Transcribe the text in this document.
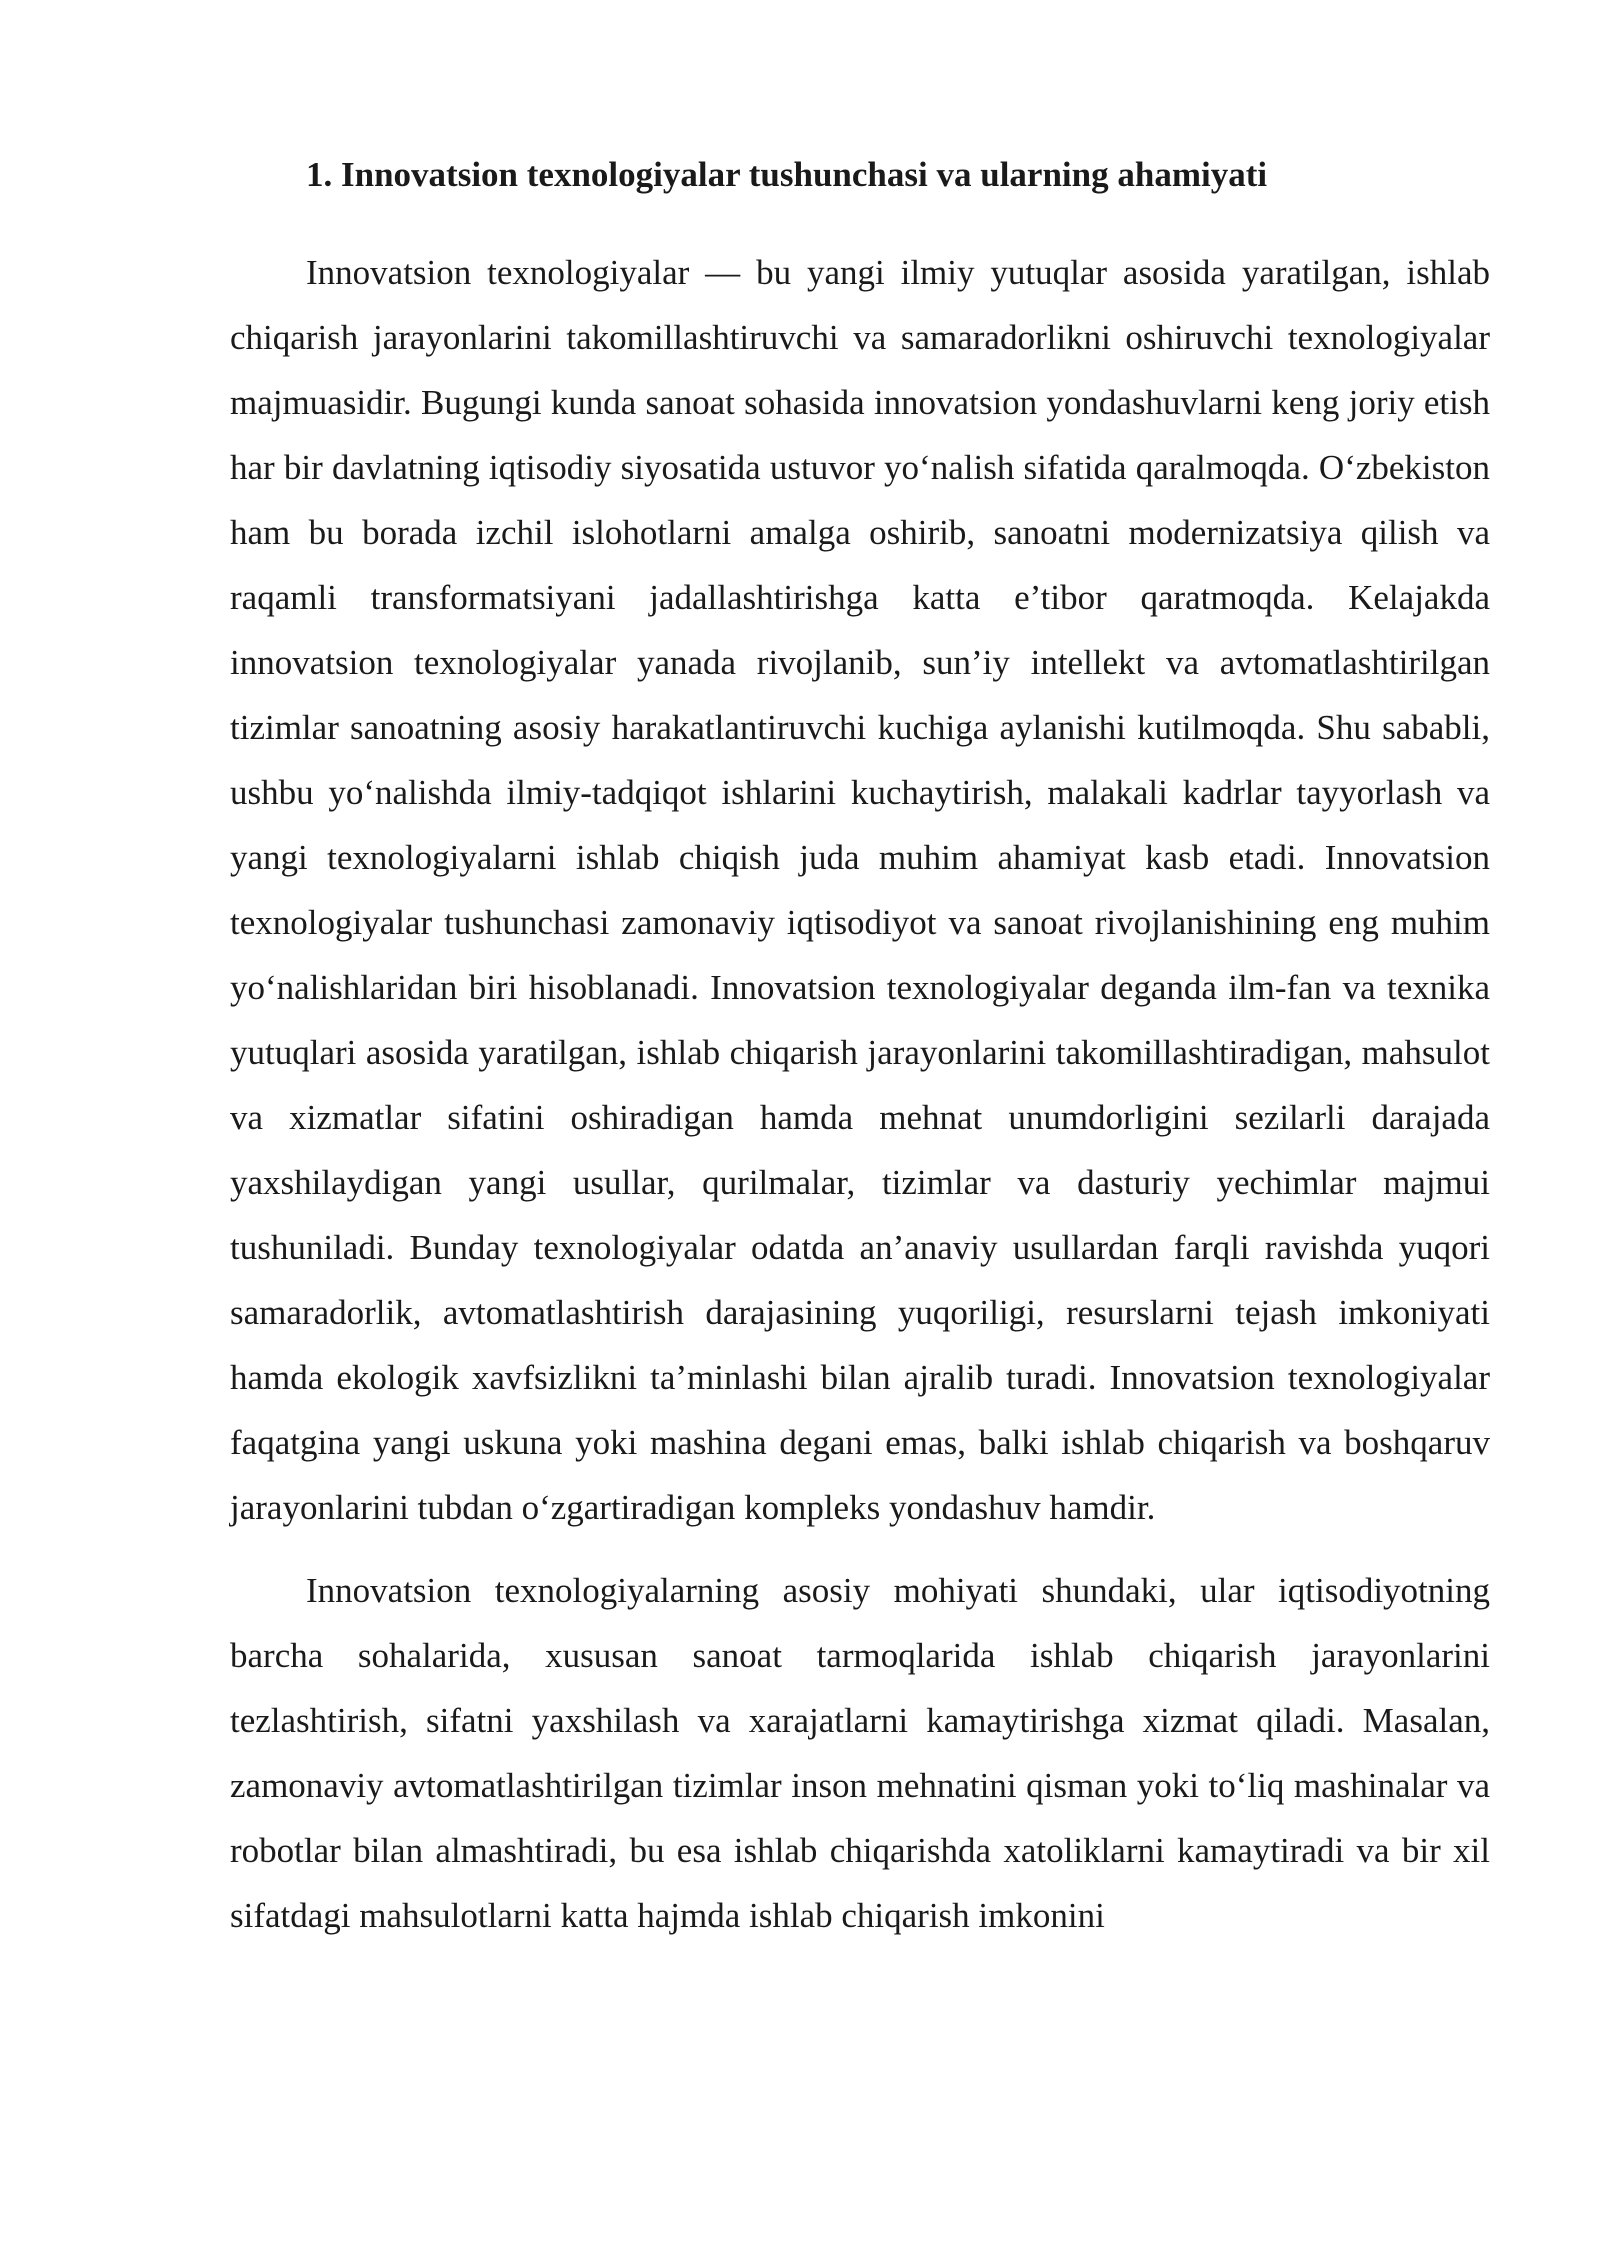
1. Innovatsion texnologiyalar tushunchasi va ularning ahamiyati

Innovatsion texnologiyalar — bu yangi ilmiy yutuqlar asosida yaratilgan, ishlab chiqarish jarayonlarini takomillashtiruvchi va samaradorlikni oshiruvchi texnologiyalar majmuasidir. Bugungi kunda sanoat sohasida innovatsion yondashuvlarni keng joriy etish har bir davlatning iqtisodiy siyosatida ustuvor yo‘nalish sifatida qaralmoqda. O‘zbekiston ham bu borada izchil islohotlarni amalga oshirib, sanoatni modernizatsiya qilish va raqamli transformatsiyani jadallashtirishga katta e’tibor qaratmoqda. Kelajakda innovatsion texnologiyalar yanada rivojlanib, sun’iy intellekt va avtomatlashtirilgan tizimlar sanoatning asosiy harakatlantiruvchi kuchiga aylanishi kutilmoqda. Shu sababli, ushbu yo‘nalishda ilmiy-tadqiqot ishlarini kuchaytirish, malakali kadrlar tayyorlash va yangi texnologiyalarni ishlab chiqish juda muhim ahamiyat kasb etadi. Innovatsion texnologiyalar tushunchasi zamonaviy iqtisodiyot va sanoat rivojlanishining eng muhim yo‘nalishlaridan biri hisoblanadi. Innovatsion texnologiyalar deganda ilm-fan va texnika yutuqlari asosida yaratilgan, ishlab chiqarish jarayonlarini takomillashtiradigan, mahsulot va xizmatlar sifatini oshiradigan hamda mehnat unumdorligini sezilarli darajada yaxshilaydigan yangi usullar, qurilmalar, tizimlar va dasturiy yechimlar majmui tushuniladi. Bunday texnologiyalar odatda an’anaviy usullardan farqli ravishda yuqori samaradorlik, avtomatlashtirish darajasining yuqoriligi, resurslarni tejash imkoniyati hamda ekologik xavfsizlikni ta’minlashi bilan ajralib turadi. Innovatsion texnologiyalar faqatgina yangi uskuna yoki mashina degani emas, balki ishlab chiqarish va boshqaruv jarayonlarini tubdan o‘zgartiradigan kompleks yondashuv hamdir.

Innovatsion texnologiyalarning asosiy mohiyati shundaki, ular iqtisodiyotning barcha sohalarida, xususan sanoat tarmoqlarida ishlab chiqarish jarayonlarini tezlashtirish, sifatni yaxshilash va xarajatlarni kamaytirishga xizmat qiladi. Masalan, zamonaviy avtomatlashtirilgan tizimlar inson mehnatini qisman yoki to‘liq mashinalar va robotlar bilan almashtiradi, bu esa ishlab chiqarishda xatoliklarni kamaytiradi va bir xil sifatdagi mahsulotlarni katta hajmda ishlab chiqarish imkonini
